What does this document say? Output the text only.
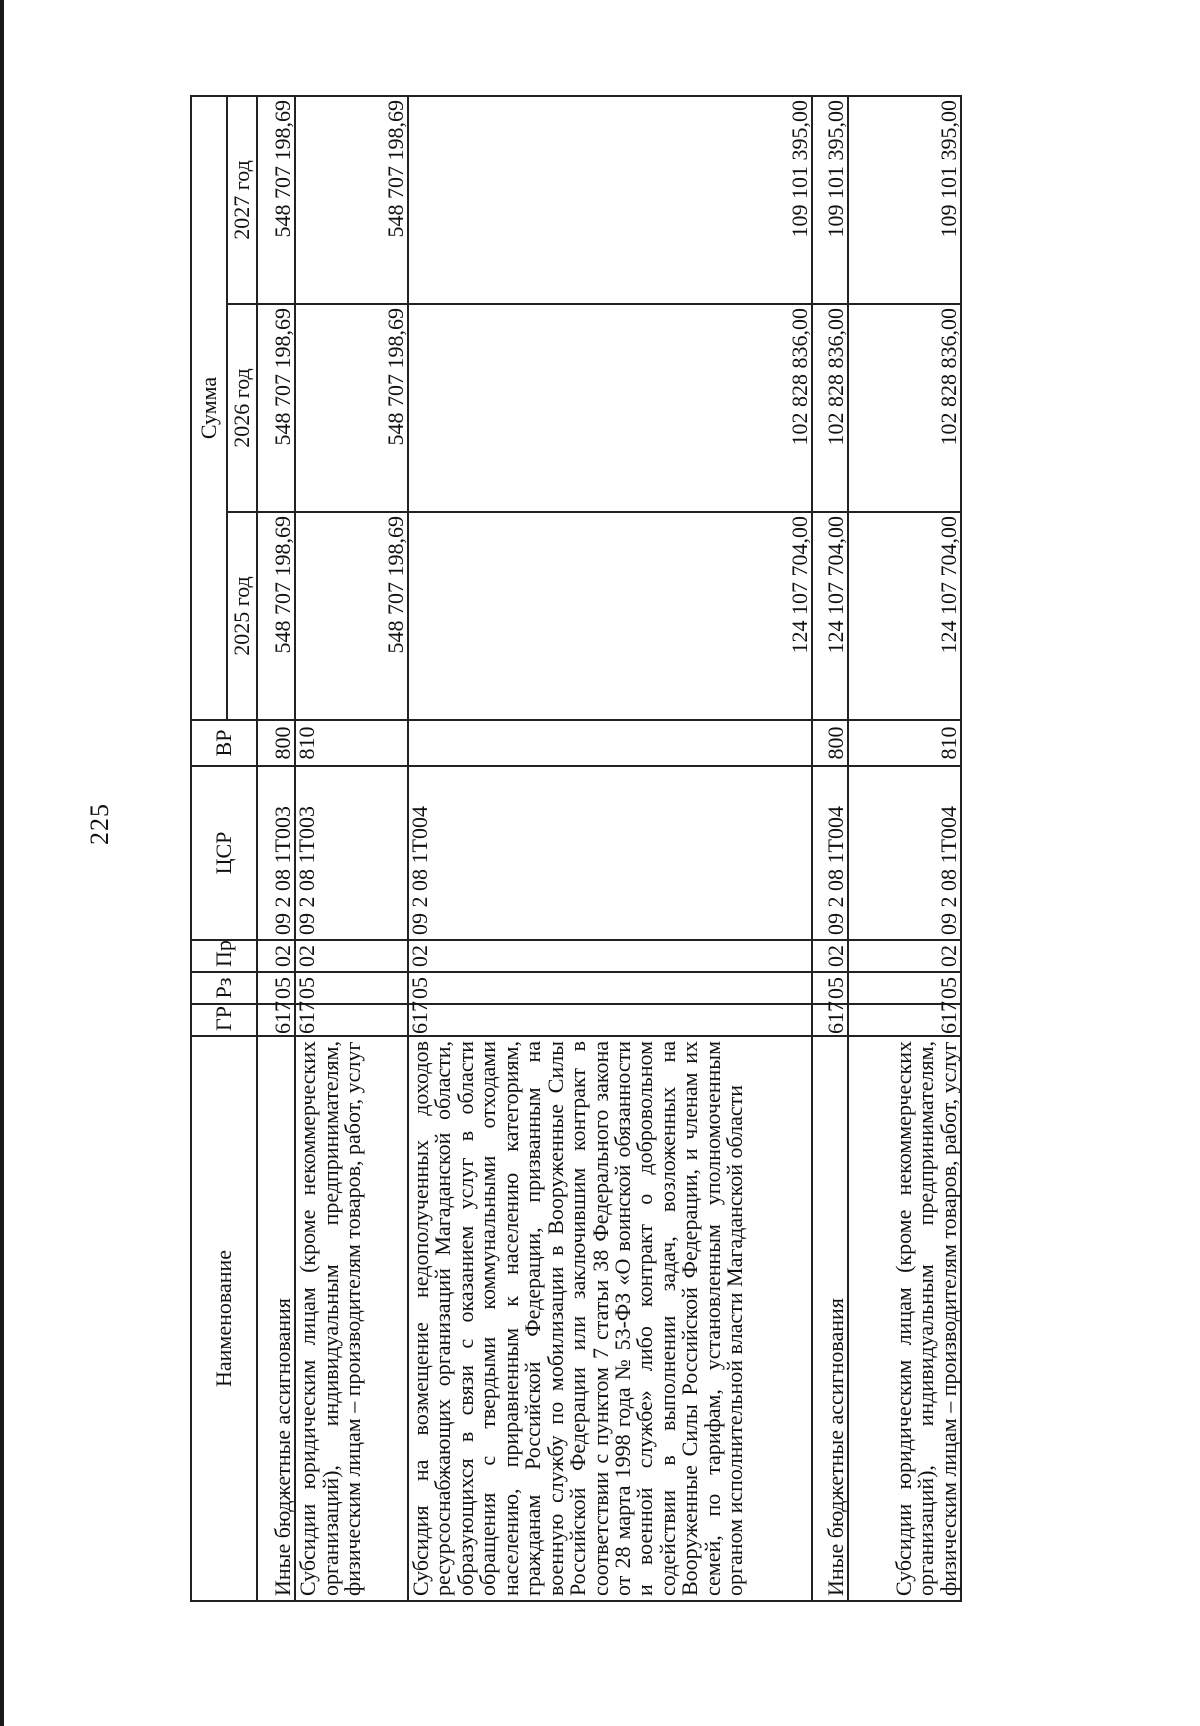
225
Наименование	ГР	Рз	Пр	ЦСР	ВР	Сумма		
						2025 год	2026 год	2027 год
Иные бюджетные ассигнования	617	05	02	09 2 08 1Т003	800	548 707 198,69	548 707 198,69	548 707 198,69
Субсидии юридическим лицам (кроме некоммерческих организаций), индивидуальным предпринимателям, физическим лицам – производителям товаров, работ, услуг	617	05	02	09 2 08 1Т003	810	548 707 198,69	548 707 198,69	548 707 198,69
Субсидия на возмещение недополученных доходов ресурсоснабжающих организаций Магаданской области, образующихся в связи с оказанием услуг в области обращения с твердыми коммунальными отходами населению, приравненным к населению категориям, гражданам Российской Федерации, призванным на военную службу по мобилизации в Вооруженные Силы Российской Федерации или заключившим контракт в соответствии с пунктом 7 статьи 38 Федерального закона от 28 марта 1998 года № 53-ФЗ «О воинской обязанности и военной службе» либо контракт о добровольном содействии в выполнении задач, возложенных на Вооруженные Силы Российской Федерации, и членам их семей, по тарифам, установленным уполномоченным органом исполнительной власти Магаданской области	617	05	02	09 2 08 1Т004		124 107 704,00	102 828 836,00	109 101 395,00
Иные бюджетные ассигнования	617	05	02	09 2 08 1Т004	800	124 107 704,00	102 828 836,00	109 101 395,00
Субсидии юридическим лицам (кроме некоммерческих организаций), индивидуальным предпринимателям, физическим лицам – производителям товаров, работ, услуг	617	05	02	09 2 08 1Т004	810	124 107 704,00	102 828 836,00	109 101 395,00
